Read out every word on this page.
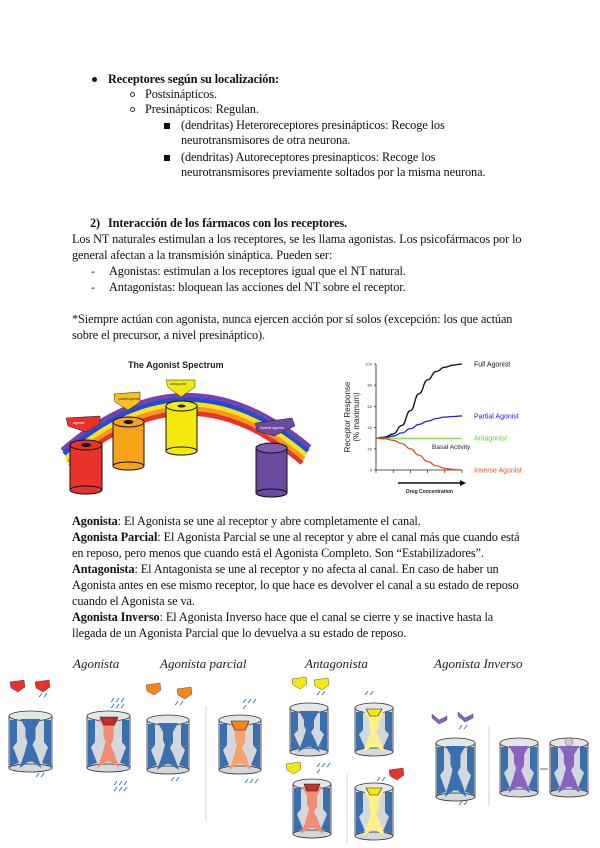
Receptores según su localización:
Postsinápticos.
Presinápticos: Regulan.
(dendritas) Heteroreceptores presinápticos: Recoge los
neurotransmisores de otra neurona.
(dendritas) Autoreceptores presinapticos: Recoge los
neurotransmisores previamente soltados por la misma neurona.
2) Interacción de los fármacos con los receptores.
Los NT naturales estimulan a los receptores, se les llama agonistas. Los psicofármacos por lo
general afectan a la transmisión sináptica. Pueden ser:
- Agonistas: estimulan a los receptores igual que el NT natural.
- Antagonistas: bloquean las acciones del NT sobre el receptor.
*Siempre actúan con agonista, nunca ejercen acción por sí solos (excepción: los que actúan
sobre el precursor, a nivel presináptico).
The Agonist Spectrum
agonist
partial agonist
antagonist
inverse agonist
0
20
40
60
80
100	Full Agonist
Partial Agonist
Antagonist
Inverse Agonist
Receptor Response(% maximum)
Drug Concentration
Basal Activity
Agonista: El Agonista se une al receptor y abre completamente el canal.
Agonista Parcial: El Agonista Parcial se une al receptor y abre el canal más que cuando está
en reposo, pero menos que cuando está el Agonista Completo. Son “Estabilizadores”.
Antagonista: El Antagonista se une al receptor y no afecta al canal. En caso de haber un
Agonista antes en ese mismo receptor, lo que hace es devolver el canal a su estado de reposo
cuando el Agonista se va.
Agonista Inverso: El Agonista Inverso hace que el canal se cierre y se inactive hasta la
llegada de un Agonista Parcial que lo devuelva a su estado de reposo.
Agonista	Agonista parcial	Antagonista	Agonista Inverso
